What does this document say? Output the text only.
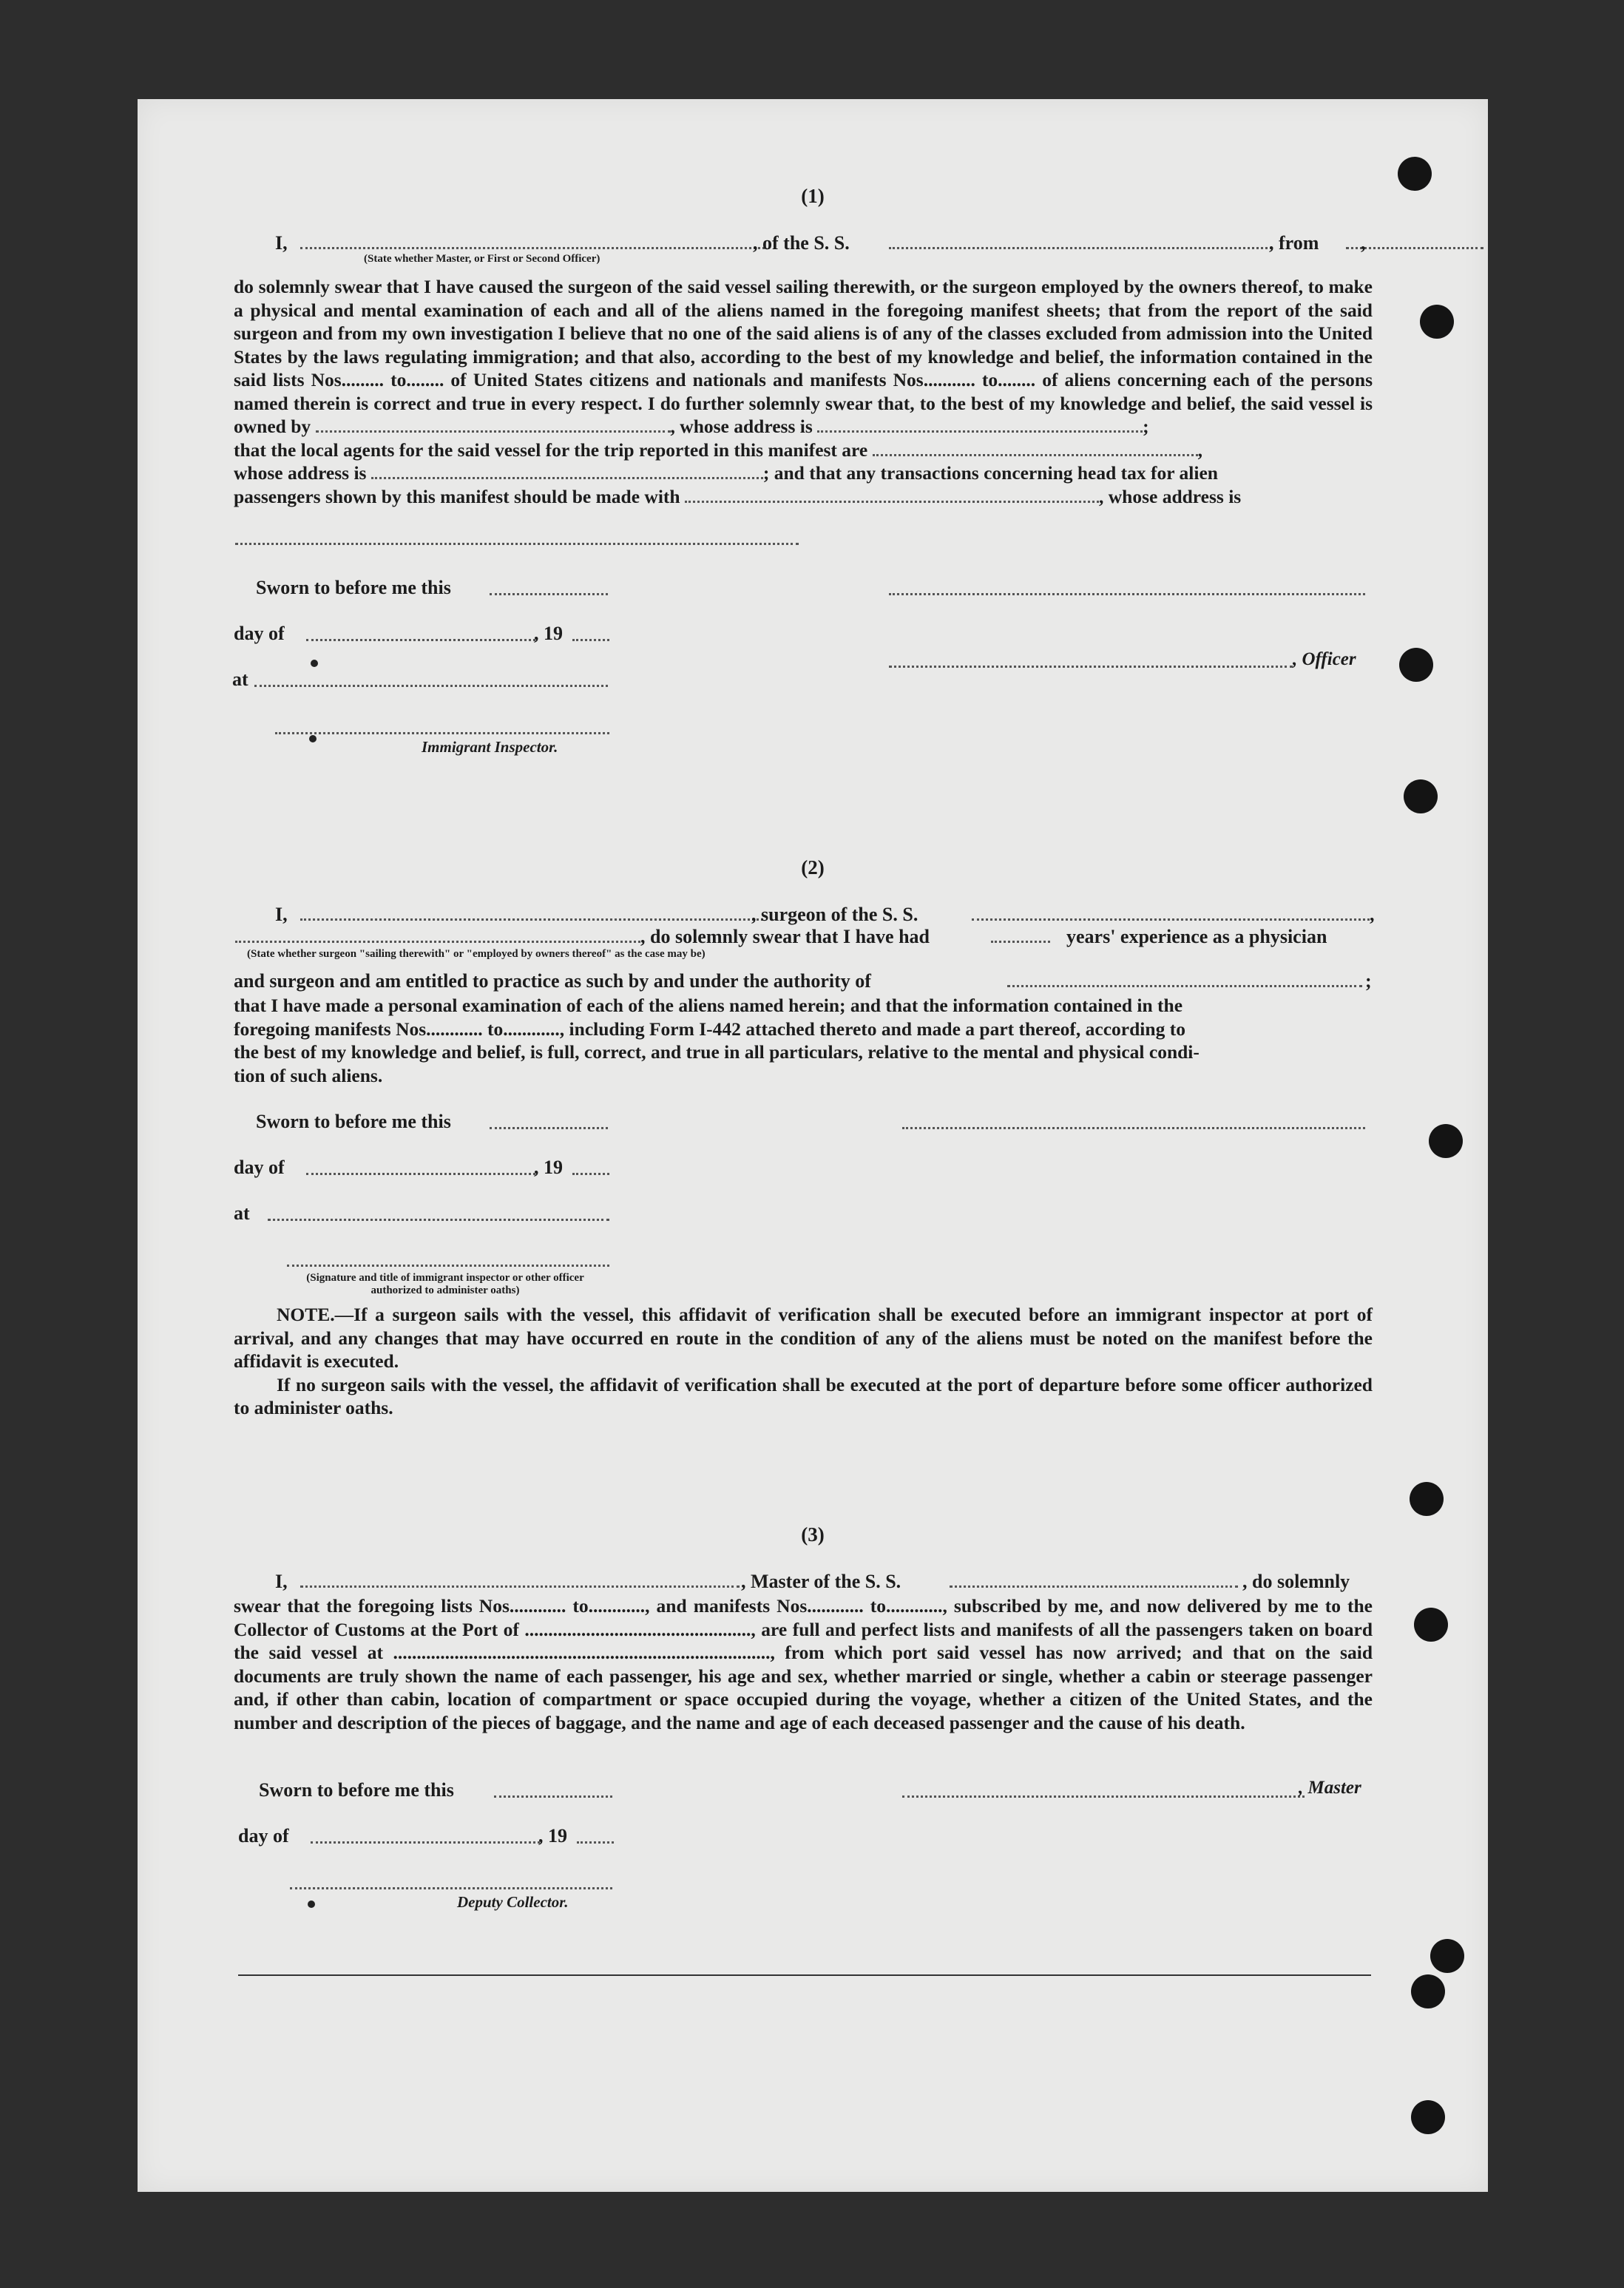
(1)
I,	, of the S. S.	, from ,
(State whether Master, or First or Second Officer)
do solemnly swear that I have caused the surgeon of the said vessel sailing therewith, or the surgeon employed by the owners thereof, to make a physical and mental examination of each and all of the aliens named in the foregoing manifest sheets; that from the report of the said surgeon and from my own investigation I believe that no one of the said aliens is of any of the classes excluded from admission into the United States by the laws regulating immigration; and that also, according to the best of my knowledge and belief, the information contained in the said lists Nos......... to........ of United States citizens and nationals and manifests Nos........... to........ of aliens concerning each of the persons named therein is correct and true in every respect. I do further solemnly swear that, to the best of my knowledge and belief, the said vessel is owned by	, whose address is	;
that the local agents for the said vessel for the trip reported in this manifest are	,
whose address is	; and that any transactions concerning head tax for alien
passengers shown by this manifest should be made with	, whose address is
Sworn to before me this
day of	, 19
, Officer
at
Immigrant Inspector.
(2)
I,	, surgeon of the S. S.	,
, do solemnly swear that I have had	years' experience as a physician
(State whether surgeon "sailing therewith" or "employed by owners thereof" as the case may be)
and surgeon and am entitled to practice as such by and under the authority of	;
that I have made a personal examination of each of the aliens named herein; and that the information contained in the
foregoing manifests Nos............ to............, including Form I-442 attached thereto and made a part thereof, according to
the best of my knowledge and belief, is full, correct, and true in all particulars, relative to the mental and physical condi-
tion of such aliens.
Sworn to before me this
day of	, 19
at
(Signature and title of immigrant inspector or other officer authorized to administer oaths)

NOTE.—If a surgeon sails with the vessel, this affidavit of verification shall be executed before an immigrant inspector at port of arrival, and any changes that may have occurred en route in the condition of any of the aliens must be noted on the manifest before the affidavit is executed.

If no surgeon sails with the vessel, the affidavit of verification shall be executed at the port of departure before some officer authorized to administer oaths.

(3)
I,	, Master of the S. S.	, do solemnly
swear that the foregoing lists Nos............ to............, and manifests Nos............ to............, subscribed by me, and now delivered by me to the Collector of Customs at the Port of ................................................, are full and perfect lists and manifests of all the passengers taken on board the said vessel at ................................................................................, from which port said vessel has now arrived; and that on the said documents are truly shown the name of each passenger, his age and sex, whether married or single, whether a cabin or steerage passenger and, if other than cabin, location of compartment or space occupied during the voyage, whether a citizen of the United States, and the number and description of the pieces of baggage, and the name and age of each deceased passenger and the cause of his death.
Sworn to before me this	, Master
day of	, 19
Deputy Collector.
